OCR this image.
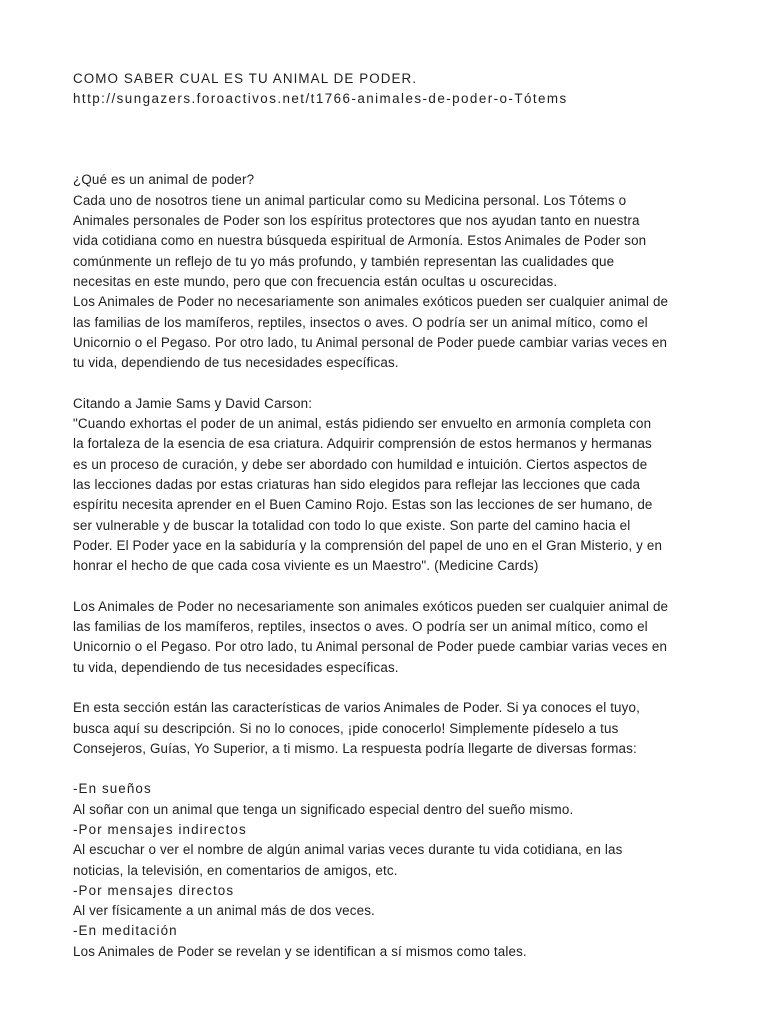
COMO SABER CUAL ES TU ANIMAL DE PODER.
http://sungazers.foroactivos.net/t1766-animales-de-poder-o-Tótems
¿Qué es un animal de poder?
Cada uno de nosotros tiene un animal particular como su Medicina personal. Los Tótems o
Animales personales de Poder son los espíritus protectores que nos ayudan tanto en nuestra
vida cotidiana como en nuestra búsqueda espiritual de Armonía. Estos Animales de Poder son
comúnmente un reflejo de tu yo más profundo, y también representan las cualidades que
necesitas en este mundo, pero que con frecuencia están ocultas u oscurecidas.
Los Animales de Poder no necesariamente son animales exóticos pueden ser cualquier animal de
las familias de los mamíferos, reptiles, insectos o aves. O podría ser un animal mítico, como el
Unicornio o el Pegaso. Por otro lado, tu Animal personal de Poder puede cambiar varias veces en
tu vida, dependiendo de tus necesidades específicas.
Citando a Jamie Sams y David Carson:
"Cuando exhortas el poder de un animal, estás pidiendo ser envuelto en armonía completa con
la fortaleza de la esencia de esa criatura. Adquirir comprensión de estos hermanos y hermanas
es un proceso de curación, y debe ser abordado con humildad e intuición. Ciertos aspectos de
las lecciones dadas por estas criaturas han sido elegidos para reflejar las lecciones que cada
espíritu necesita aprender en el Buen Camino Rojo. Estas son las lecciones de ser humano, de
ser vulnerable y de buscar la totalidad con todo lo que existe. Son parte del camino hacia el
Poder. El Poder yace en la sabiduría y la comprensión del papel de uno en el Gran Misterio, y en
honrar el hecho de que cada cosa viviente es un Maestro". (Medicine Cards)
Los Animales de Poder no necesariamente son animales exóticos pueden ser cualquier animal de
las familias de los mamíferos, reptiles, insectos o aves. O podría ser un animal mítico, como el
Unicornio o el Pegaso. Por otro lado, tu Animal personal de Poder puede cambiar varias veces en
tu vida, dependiendo de tus necesidades específicas.
En esta sección están las características de varios Animales de Poder. Si ya conoces el tuyo,
busca aquí su descripción. Si no lo conoces, ¡pide conocerlo! Simplemente pídeselo a tus
Consejeros, Guías, Yo Superior, a ti mismo. La respuesta podría llegarte de diversas formas:
-En sueños
Al soñar con un animal que tenga un significado especial dentro del sueño mismo.
-Por mensajes indirectos
Al escuchar o ver el nombre de algún animal varias veces durante tu vida cotidiana, en las
noticias, la televisión, en comentarios de amigos, etc.
-Por mensajes directos
Al ver físicamente a un animal más de dos veces.
-En meditación
Los Animales de Poder se revelan y se identifican a sí mismos como tales.
